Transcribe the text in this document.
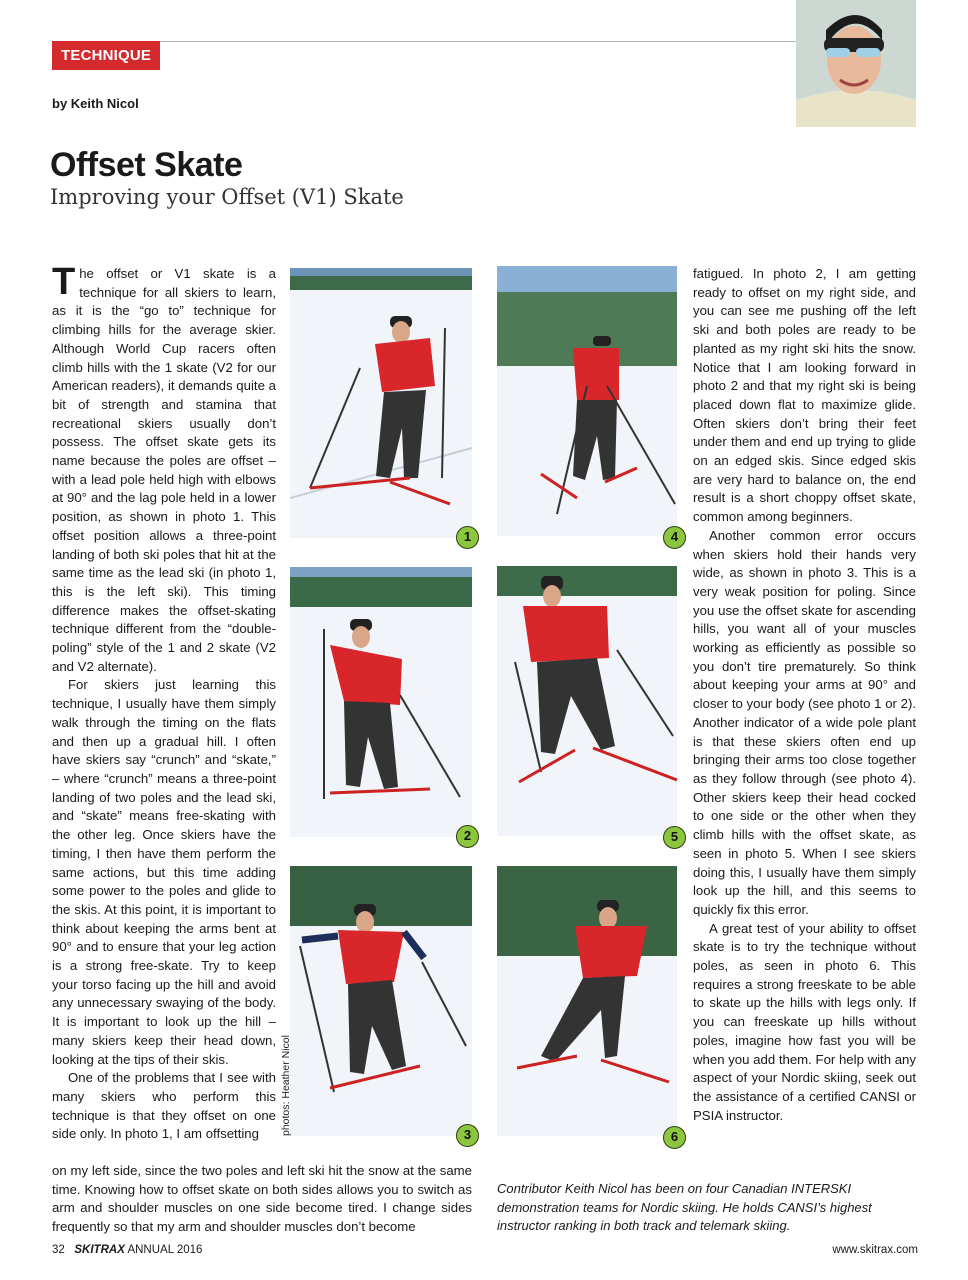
TECHNIQUE
by Keith Nicol
Offset Skate
Improving your Offset (V1) Skate

The offset or V1 skate is a technique for all skiers to learn, as it is the “go to” technique for climbing hills for the average skier. Although World Cup racers often climb hills with the 1 skate (V2 for our American readers), it demands quite a bit of strength and stamina that recreational skiers usually don’t possess. The offset skate gets its name because the poles are offset – with a lead pole held high with elbows at 90° and the lag pole held in a lower position, as shown in photo 1. This offset position allows a three-point landing of both ski poles that hit at the same time as the lead ski (in photo 1, this is the left ski). This timing difference makes the offset-skating technique different from the “double-poling” style of the 1 and 2 skate (V2 and V2 alternate).

For skiers just learning this technique, I usually have them simply walk through the timing on the flats and then up a gradual hill. I often have skiers say “crunch” and “skate,” – where “crunch” means a three-point landing of two poles and the lead ski, and “skate” means free-skating with the other leg. Once skiers have the timing, I then have them perform the same actions, but this time adding some power to the poles and glide to the skis. At this point, it is important to think about keeping the arms bent at 90° and to ensure that your leg action is a strong free-skate. Try to keep your torso facing up the hill and avoid any unnecessary swaying of the body. It is important to look up the hill – many skiers keep their head down, looking at the tips of their skis.

One of the problems that I see with many skiers who perform this technique is that they offset on one side only. In photo 1, I am offsetting

on my left side, since the two poles and left ski hit the snow at the same time. Knowing how to offset skate on both sides allows you to switch as arm and shoulder muscles on one side become tired. I change sides frequently so that my arm and shoulder muscles don’t become

fatigued. In photo 2, I am getting ready to offset on my right side, and you can see me pushing off the left ski and both poles are ready to be planted as my right ski hits the snow. Notice that I am looking forward in photo 2 and that my right ski is being placed down flat to maximize glide. Often skiers don’t bring their feet under them and end up trying to glide on an edged skis. Since edged skis are very hard to balance on, the end result is a short choppy offset skate, common among beginners.

Another common error occurs when skiers hold their hands very wide, as shown in photo 3. This is a very weak position for poling. Since you use the offset skate for ascending hills, you want all of your muscles working as efficiently as possible so you don’t tire prematurely. So think about keeping your arms at 90° and closer to your body (see photo 1 or 2). Another indicator of a wide pole plant is that these skiers often end up bringing their arms too close together as they follow through (see photo 4). Other skiers keep their head cocked to one side or the other when they climb hills with the offset skate, as seen in photo 5. When I see skiers doing this, I usually have them simply look up the hill, and this seems to quickly fix this error.

A great test of your ability to offset skate is to try the technique without poles, as seen in photo 6. This requires a strong freeskate to be able to skate up the hills with legs only. If you can freeskate up hills without poles, imagine how fast you will be when you add them. For help with any aspect of your Nordic skiing, seek out the assistance of a certified CANSI or PSIA instructor.

1
2
3
4
5
6
photos: Heather Nicol
Contributor Keith Nicol has been on four Canadian INTERSKI demonstration teams for Nordic skiing. He holds CANSI’s highest instructor ranking in both track and telemark skiing.
32 SKITRAX ANNUAL 2016	www.skitrax.com
